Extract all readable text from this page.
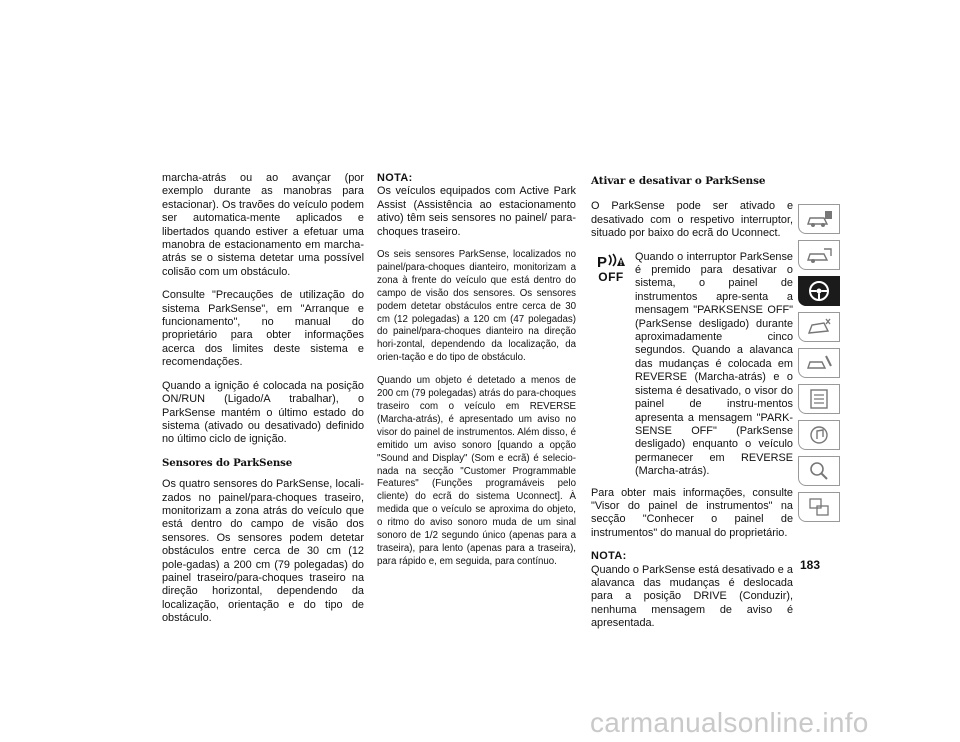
marcha-atrás ou ao avançar (por exemplo durante as manobras para estacionar). Os travões do veículo podem ser automatica-mente aplicados e libertados quando estiver a efetuar uma manobra de estacionamento em marcha-atrás se o sistema detetar uma possível colisão com um obstáculo.

Consulte "Precauções de utilização do sistema ParkSense", em "Arranque e funcionamento", no manual do proprietário para obter informações acerca dos limites deste sistema e recomendações.

Quando a ignição é colocada na posição ON/RUN (Ligado/A trabalhar), o ParkSense mantém o último estado do sistema (ativado ou desativado) definido no último ciclo de ignição.

Sensores do ParkSense

Os quatro sensores do ParkSense, locali-zados no painel/para-choques traseiro, monitorizam a zona atrás do veículo que está dentro do campo de visão dos sensores. Os sensores podem detetar obstáculos entre cerca de 30 cm (12 pole-gadas) a 200 cm (79 polegadas) do painel traseiro/para-choques traseiro na direção horizontal, dependendo da localização, orientação e do tipo de obstáculo.

NOTA:
Os veículos equipados com Active Park Assist (Assistência ao estacionamento ativo) têm seis sensores no painel/ para-choques traseiro.

Os seis sensores ParkSense, localizados no painel/para-choques dianteiro, monitorizam a zona à frente do veículo que está dentro do campo de visão dos sensores. Os sensores podem detetar obstáculos entre cerca de 30 cm (12 polegadas) a 120 cm (47 polegadas) do painel/para-choques dianteiro na direção hori-zontal, dependendo da localização, da orien-tação e do tipo de obstáculo.

Quando um objeto é detetado a menos de 200 cm (79 polegadas) atrás do para-choques traseiro com o veículo em REVERSE (Marcha-atrás), é apresentado um aviso no visor do painel de instrumentos. Além disso, é emitido um aviso sonoro [quando a opção "Sound and Display" (Som e ecrã) é selecio-nada na secção "Customer Programmable Features" (Funções programáveis pelo cliente) do ecrã do sistema Uconnect]. À medida que o veículo se aproxima do objeto, o ritmo do aviso sonoro muda de um sinal sonoro de 1/2 segundo único (apenas para a traseira), para lento (apenas para a traseira), para rápido e, em seguida, para contínuo.

Ativar e desativar o ParkSense

O ParkSense pode ser ativado e desativado com o respetivo interruptor, situado por baixo do ecrã do Uconnect.

P
OFF
Quando o interruptor ParkSense é premido para desativar o sistema, o painel de instrumentos apre-senta a mensagem "PARKSENSE OFF" (ParkSense desligado) durante aproximadamente cinco segundos. Quando a alavanca das mudanças é colocada em REVERSE (Marcha-atrás) e o sistema é desativado, o visor do painel de instru-mentos apresenta a mensagem "PARK-SENSE OFF" (ParkSense desligado) enquanto o veículo permanecer em REVERSE (Marcha-atrás).

Para obter mais informações, consulte "Visor do painel de instrumentos" na secção "Conhecer o painel de instrumentos" do manual do proprietário.

NOTA:
Quando o ParkSense está desativado e a alavanca das mudanças é deslocada para a posição DRIVE (Conduzir), nenhuma mensagem de aviso é apresentada.

183
carmanualsonline.info
